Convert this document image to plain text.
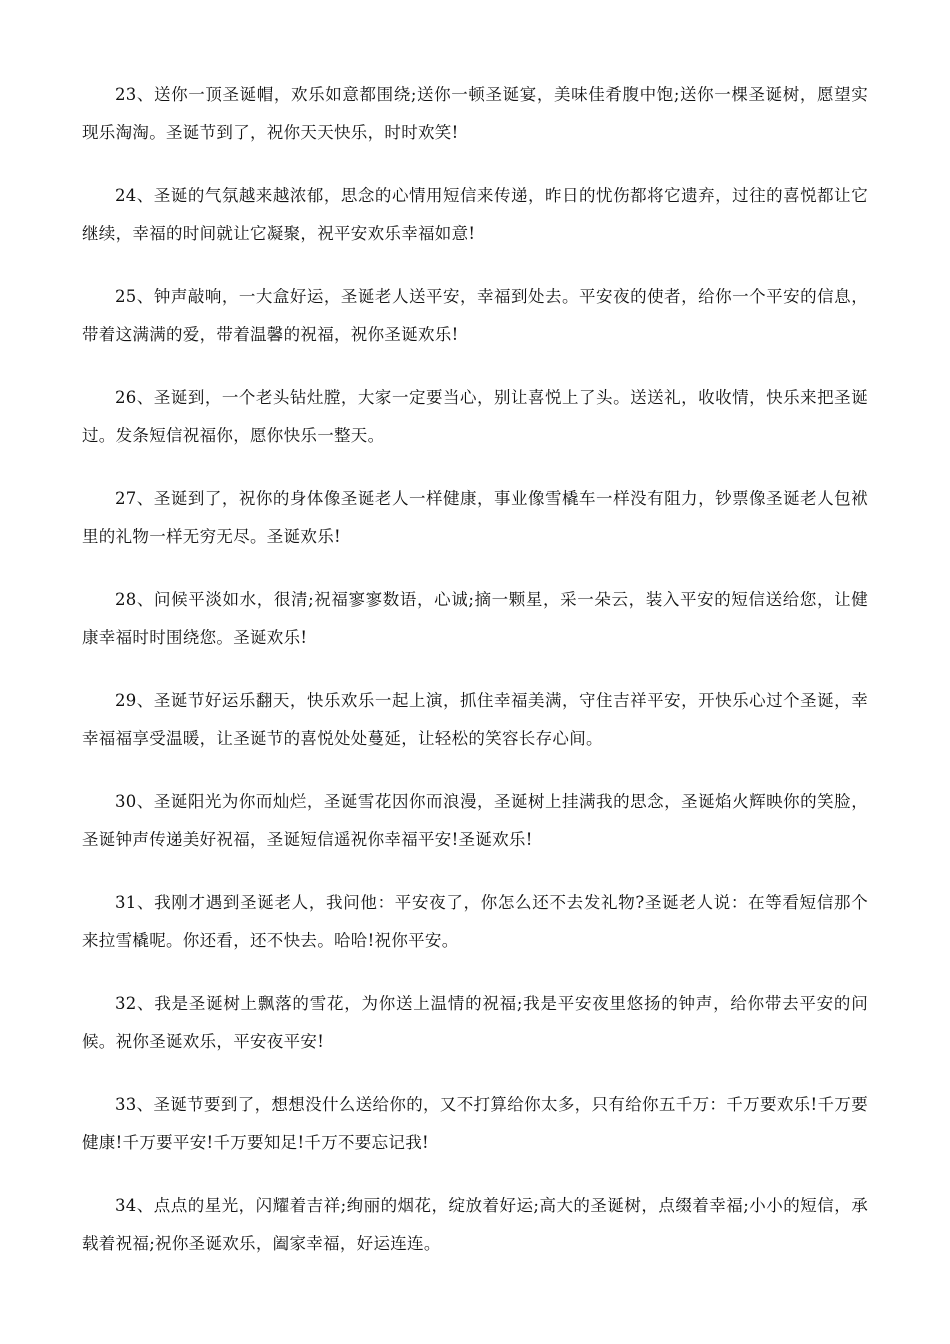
23、送你一顶圣诞帽，欢乐如意都围绕;送你一顿圣诞宴，美味佳肴腹中饱;送你一棵圣诞树，愿望实现乐淘淘。圣诞节到了，祝你天天快乐，时时欢笑!

24、圣诞的气氛越来越浓郁，思念的心情用短信来传递，昨日的忧伤都将它遗弃，过往的喜悦都让它继续，幸福的时间就让它凝聚，祝平安欢乐幸福如意!

25、钟声敲响，一大盒好运，圣诞老人送平安，幸福到处去。平安夜的使者，给你一个平安的信息，带着这满满的爱，带着温馨的祝福，祝你圣诞欢乐!

26、圣诞到，一个老头钻灶膛，大家一定要当心，别让喜悦上了头。送送礼，收收情，快乐来把圣诞过。发条短信祝福你，愿你快乐一整天。

27、圣诞到了，祝你的身体像圣诞老人一样健康，事业像雪橇车一样没有阻力，钞票像圣诞老人包袱里的礼物一样无穷无尽。圣诞欢乐!

28、问候平淡如水，很清;祝福寥寥数语，心诚;摘一颗星，采一朵云，装入平安的短信送给您，让健康幸福时时围绕您。圣诞欢乐!

29、圣诞节好运乐翻天，快乐欢乐一起上演，抓住幸福美满，守住吉祥平安，开快乐心过个圣诞，幸幸福福享受温暖，让圣诞节的喜悦处处蔓延，让轻松的笑容长存心间。

30、圣诞阳光为你而灿烂，圣诞雪花因你而浪漫，圣诞树上挂满我的思念，圣诞焰火辉映你的笑脸，圣诞钟声传递美好祝福，圣诞短信遥祝你幸福平安!圣诞欢乐!

31、我刚才遇到圣诞老人，我问他：平安夜了，你怎么还不去发礼物?圣诞老人说：在等看短信那个来拉雪橇呢。你还看，还不快去。哈哈!祝你平安。

32、我是圣诞树上飘落的雪花，为你送上温情的祝福;我是平安夜里悠扬的钟声，给你带去平安的问候。祝你圣诞欢乐，平安夜平安!

33、圣诞节要到了，想想没什么送给你的，又不打算给你太多，只有给你五千万：千万要欢乐!千万要健康!千万要平安!千万要知足!千万不要忘记我!

34、点点的星光，闪耀着吉祥;绚丽的烟花，绽放着好运;高大的圣诞树，点缀着幸福;小小的短信，承载着祝福;祝你圣诞欢乐，阖家幸福，好运连连。
